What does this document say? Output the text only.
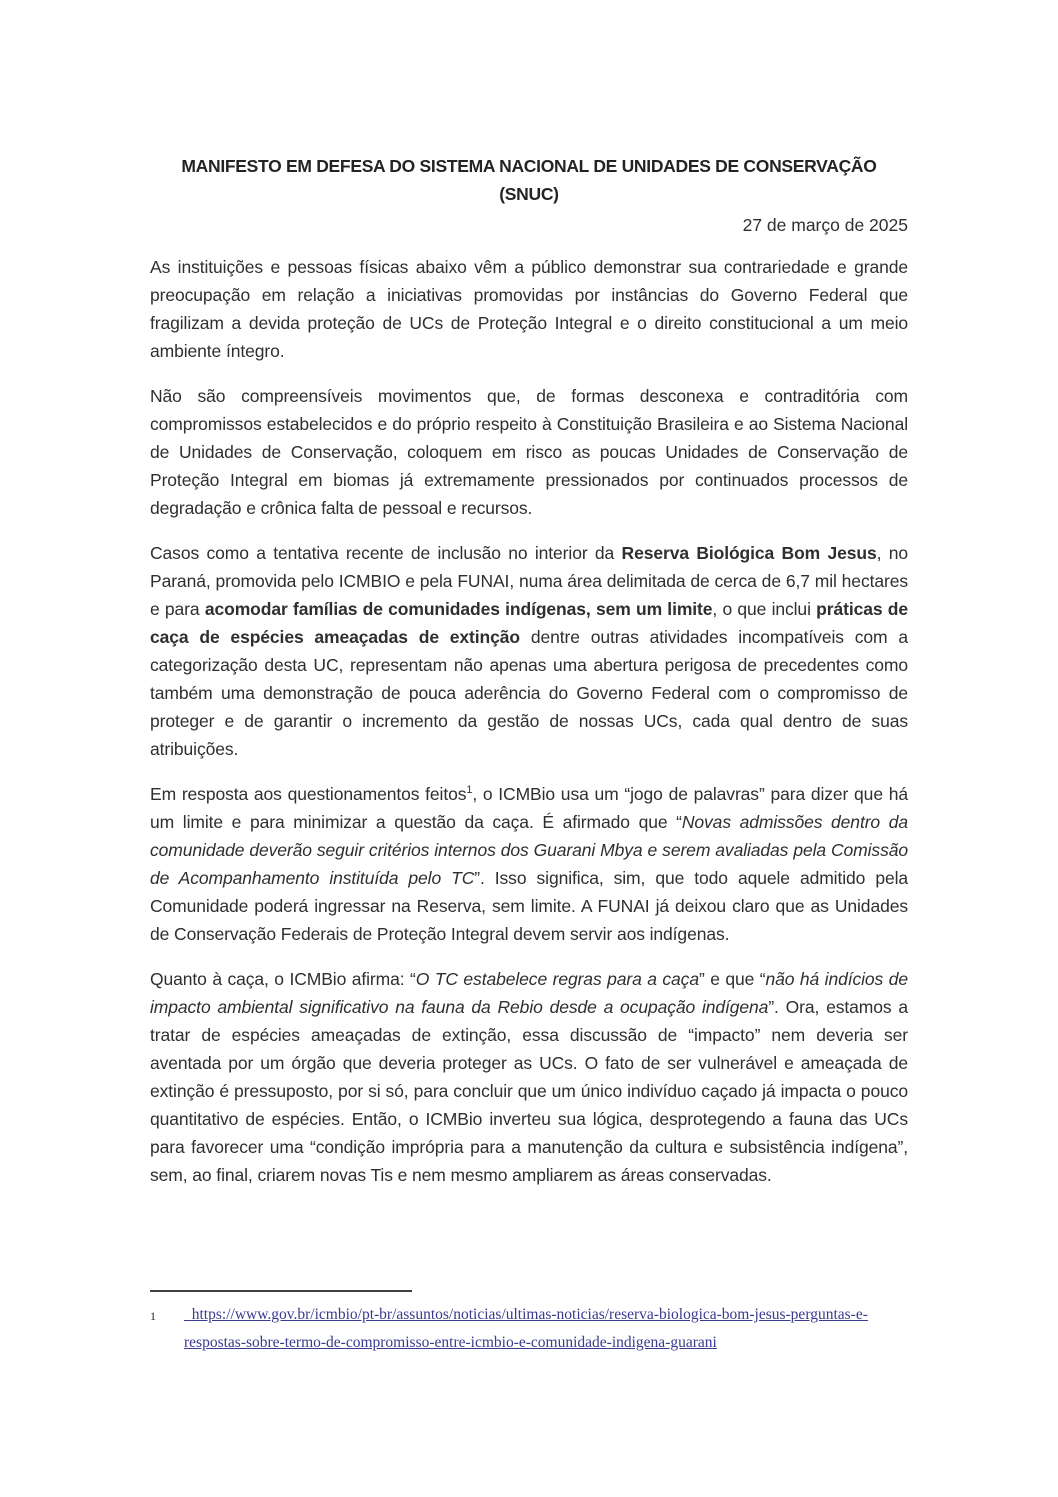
MANIFESTO EM DEFESA DO SISTEMA NACIONAL DE UNIDADES DE CONSERVAÇÃO
(SNUC)
27 de março de 2025

As instituições e pessoas físicas abaixo vêm a público demonstrar sua contrariedade e grande preocupação em relação a iniciativas promovidas por instâncias do Governo Federal que fragilizam a devida proteção de UCs de Proteção Integral e o direito constitucional a um meio ambiente íntegro.

Não são compreensíveis movimentos que, de formas desconexa e contraditória com compromissos estabelecidos e do próprio respeito à Constituição Brasileira e ao Sistema Nacional de Unidades de Conservação, coloquem em risco as poucas Unidades de Conservação de Proteção Integral em biomas já extremamente pressionados por continuados processos de degradação e crônica falta de pessoal e recursos.

Casos como a tentativa recente de inclusão no interior da Reserva Biológica Bom Jesus, no Paraná, promovida pelo ICMBIO e pela FUNAI, numa área delimitada de cerca de 6,7 mil hectares e para acomodar famílias de comunidades indígenas, sem um limite, o que inclui práticas de caça de espécies ameaçadas de extinção dentre outras atividades incompatíveis com a categorização desta UC, representam não apenas uma abertura perigosa de precedentes como também uma demonstração de pouca aderência do Governo Federal com o compromisso de proteger e de garantir o incremento da gestão de nossas UCs, cada qual dentro de suas atribuições.

Em resposta aos questionamentos feitos$^1$, o ICMBio usa um “jogo de palavras” para dizer que há um limite e para minimizar a questão da caça. É afirmado que “Novas admissões dentro da comunidade deverão seguir critérios internos dos Guarani Mbya e serem avaliadas pela Comissão de Acompanhamento instituída pelo TC”. Isso significa, sim, que todo aquele admitido pela Comunidade poderá ingressar na Reserva, sem limite. A FUNAI já deixou claro que as Unidades de Conservação Federais de Proteção Integral devem servir aos indígenas.

Quanto à caça, o ICMBio afirma: “O TC estabelece regras para a caça” e que “não há indícios de impacto ambiental significativo na fauna da Rebio desde a ocupação indígena”. Ora, estamos a tratar de espécies ameaçadas de extinção, essa discussão de “impacto” nem deveria ser aventada por um órgão que deveria proteger as UCs. O fato de ser vulnerável e ameaçada de extinção é pressuposto, por si só, para concluir que um único indivíduo caçado já impacta o pouco quantitativo de espécies. Então, o ICMBio inverteu sua lógica, desprotegendo a fauna das UCs para favorecer uma “condição imprópria para a manutenção da cultura e subsistência indígena”, sem, ao final, criarem novas Tis e nem mesmo ampliarem as áreas conservadas.

1	https://www.gov.br/icmbio/pt-br/assuntos/noticias/ultimas-noticias/reserva-biologica-bom-jesus-perguntas-e-respostas-sobre-termo-de-compromisso-entre-icmbio-e-comunidade-indigena-guarani
